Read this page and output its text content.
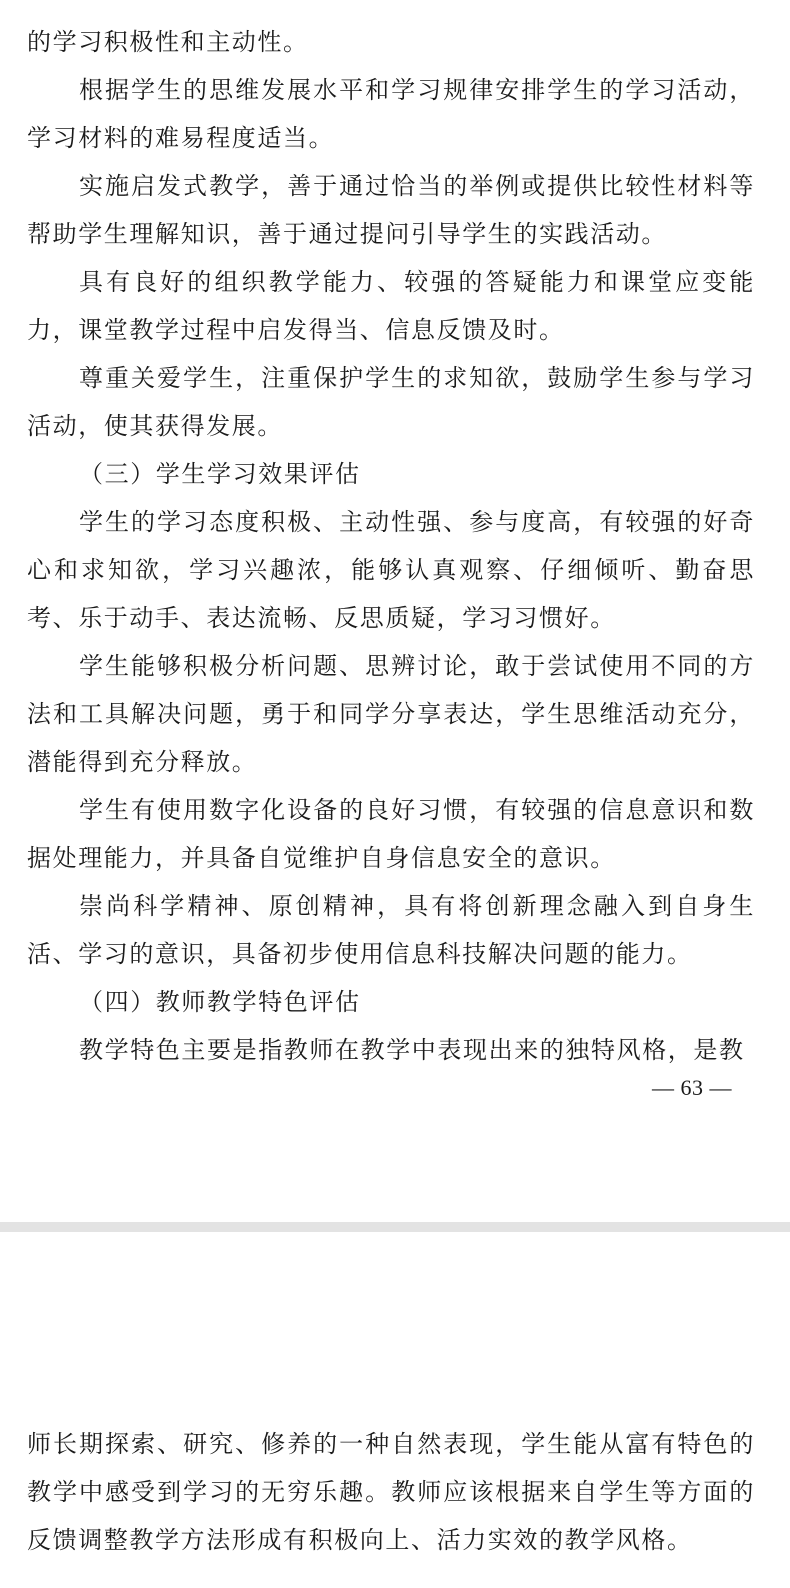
的学习积极性和主动性。

根据学生的思维发展水平和学习规律安排学生的学习活动，学习材料的难易程度适当。

实施启发式教学，善于通过恰当的举例或提供比较性材料等帮助学生理解知识，善于通过提问引导学生的实践活动。

具有良好的组织教学能力、较强的答疑能力和课堂应变能力，课堂教学过程中启发得当、信息反馈及时。

尊重关爱学生，注重保护学生的求知欲，鼓励学生参与学习活动，使其获得发展。

（三）学生学习效果评估

学生的学习态度积极、主动性强、参与度高，有较强的好奇心和求知欲，学习兴趣浓，能够认真观察、仔细倾听、勤奋思考、乐于动手、表达流畅、反思质疑，学习习惯好。

学生能够积极分析问题、思辨讨论，敢于尝试使用不同的方法和工具解决问题，勇于和同学分享表达，学生思维活动充分，潜能得到充分释放。

学生有使用数字化设备的良好习惯，有较强的信息意识和数据处理能力，并具备自觉维护自身信息安全的意识。

崇尚科学精神、原创精神，具有将创新理念融入到自身生活、学习的意识，具备初步使用信息科技解决问题的能力。

（四）教师教学特色评估

教学特色主要是指教师在教学中表现出来的独特风格，是教

— 63 —

师长期探索、研究、修养的一种自然表现，学生能从富有特色的教学中感受到学习的无穷乐趣。教师应该根据来自学生等方面的反馈调整教学方法形成有积极向上、活力实效的教学风格。
